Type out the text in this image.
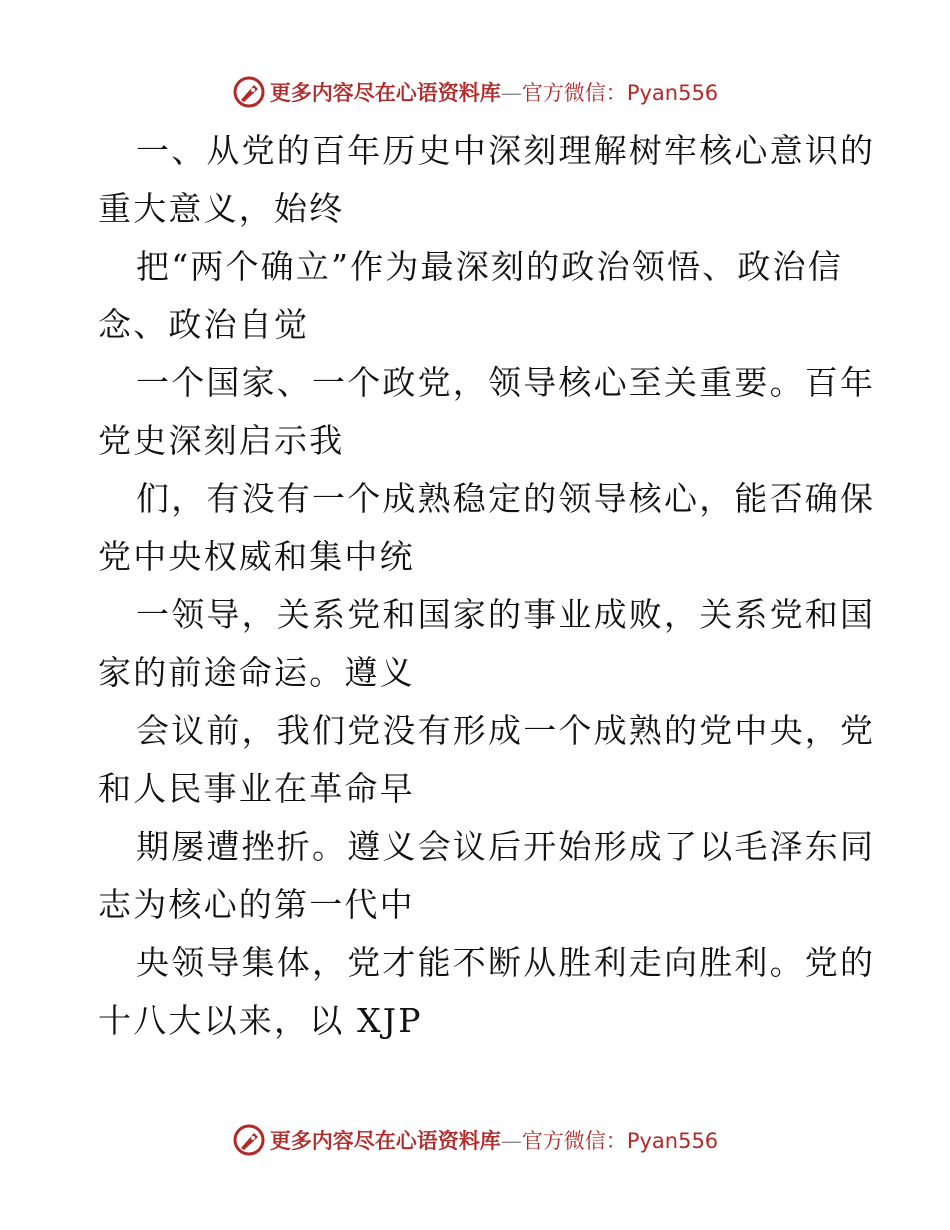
更多内容尽在心语资料库—官方微信：Pyan556
一、从党的百年历史中深刻理解树牢核心意识的
重大意义，始终
把“两个确立”作为最深刻的政治领悟、政治信
念、政治自觉
一个国家、一个政党，领导核心至关重要。百年
党史深刻启示我
们，有没有一个成熟稳定的领导核心，能否确保
党中央权威和集中统
一领导，关系党和国家的事业成败，关系党和国
家的前途命运。遵义
会议前，我们党没有形成一个成熟的党中央，党
和人民事业在革命早
期屡遭挫折。遵义会议后开始形成了以毛泽东同
志为核心的第一代中
央领导集体，党才能不断从胜利走向胜利。党的
十八大以来，以 XJP
更多内容尽在心语资料库—官方微信：Pyan556
